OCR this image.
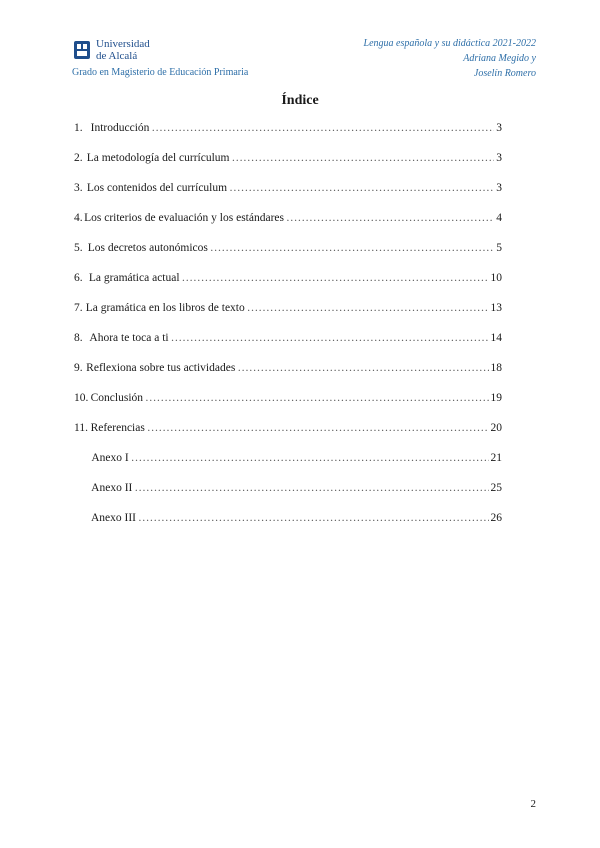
Universidad
de Alcalá
Grado en Magisterio de Educación Primaria
Lengua española y su didáctica 2021-2022
Adriana Megido y
Joselín Romero
Índice
1. Introducción …………………………………………………………………………………………………………………………………………………………………	3
2. La metodología del currículum …………………………………………………………………………………………………………………………………………………………………	3
3. Los contenidos del currículum …………………………………………………………………………………………………………………………………………………………………	3
4. Los criterios de evaluación y los estándares …………………………………………………………………………………………………………………………………………………………………	4
5. Los decretos autonómicos …………………………………………………………………………………………………………………………………………………………………	5
6. La gramática actual …………………………………………………………………………………………………………………………………………………………………	10
7. La gramática en los libros de texto …………………………………………………………………………………………………………………………………………………………………	13
8. Ahora te toca a ti …………………………………………………………………………………………………………………………………………………………………	14
9. Reflexiona sobre tus actividades …………………………………………………………………………………………………………………………………………………………………	18
10. Conclusión …………………………………………………………………………………………………………………………………………………………………	19
11. Referencias …………………………………………………………………………………………………………………………………………………………………	20
Anexo I …………………………………………………………………………………………………………………………………………………………………	21
Anexo II …………………………………………………………………………………………………………………………………………………………………	25
Anexo III …………………………………………………………………………………………………………………………………………………………………	26
2
